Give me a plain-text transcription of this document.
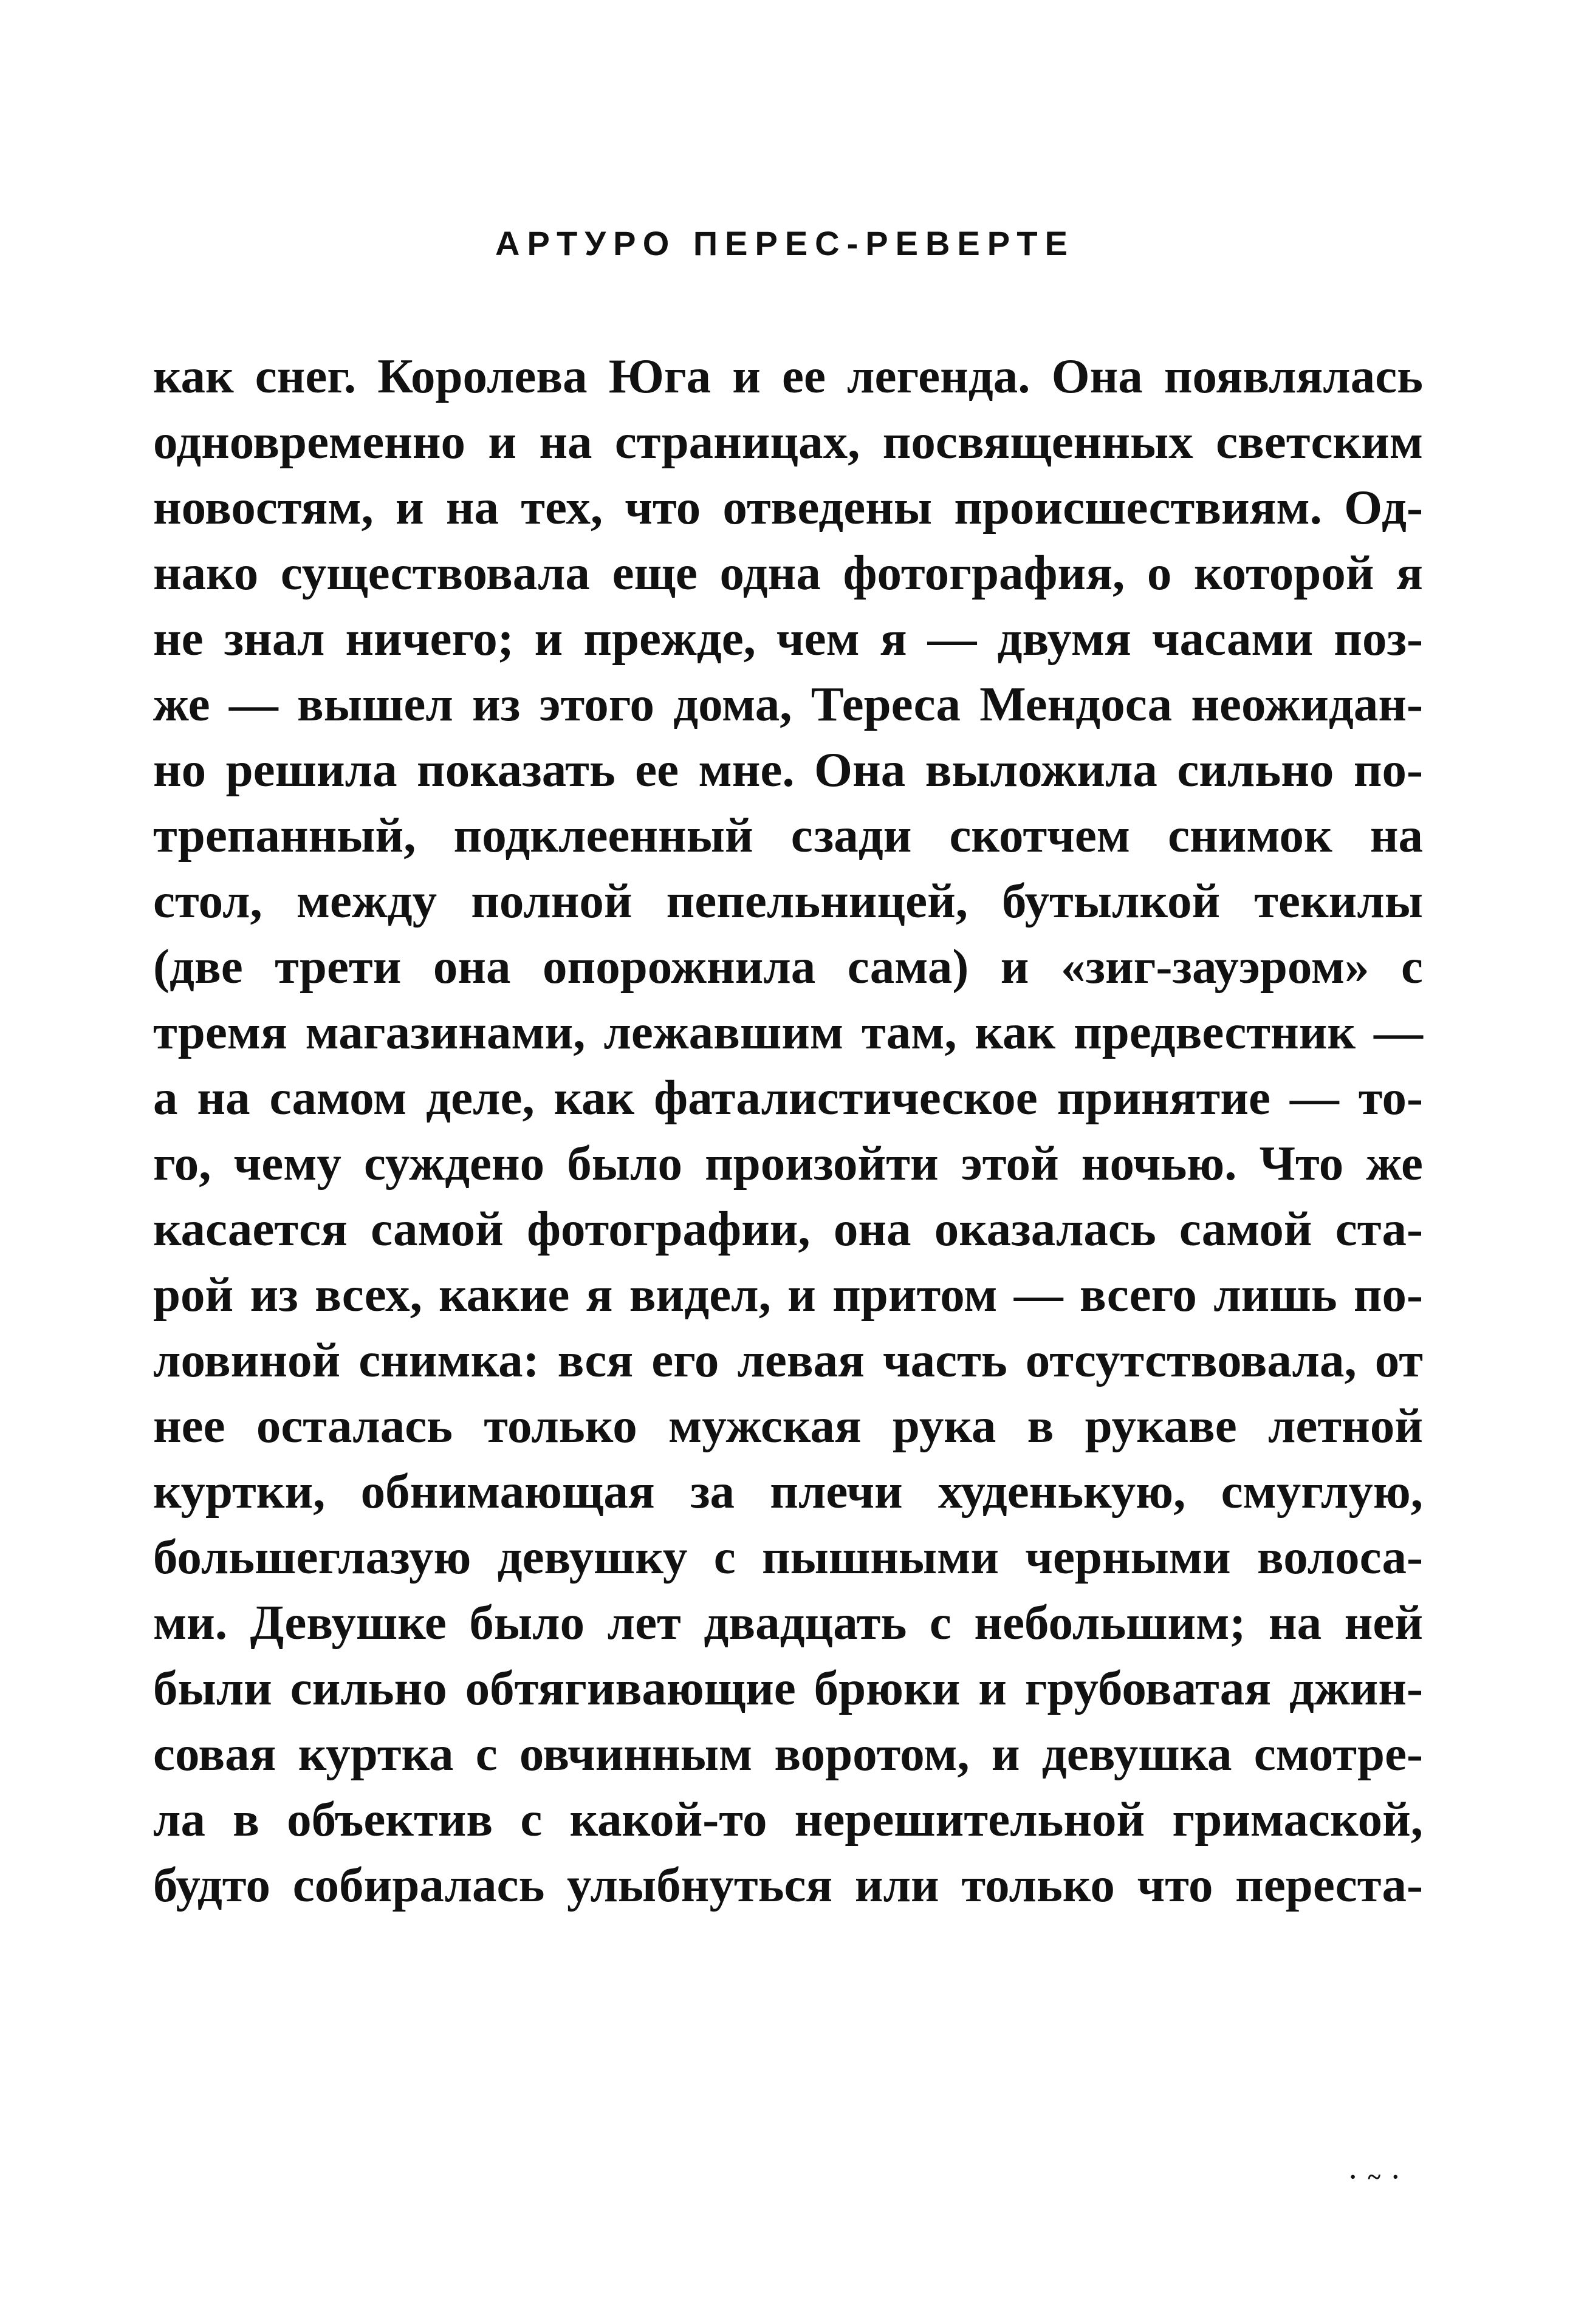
АРТУРО ПЕРЕС-РЕВЕРТЕ
как снег. Королева Юга и ее легенда. Она появлялась
одновременно и на страницах, посвященных светским
новостям, и на тех, что отведены происшествиям. Од-
нако существовала еще одна фотография, о которой я
не знал ничего; и прежде, чем я — двумя часами поз-
же — вышел из этого дома, Тереса Мендоса неожидан-
но решила показать ее мне. Она выложила сильно по-
трепанный, подклеенный сзади скотчем снимок на
стол, между полной пепельницей, бутылкой текилы
(две трети она опорожнила сама) и «зиг-зауэром» с
тремя магазинами, лежавшим там, как предвестник —
а на самом деле, как фаталистическое принятие — то-
го, чему суждено было произойти этой ночью. Что же
касается самой фотографии, она оказалась самой ста-
рой из всех, какие я видел, и притом — всего лишь по-
ловиной снимка: вся его левая часть отсутствовала, от
нее осталась только мужская рука в рукаве летной
куртки, обнимающая за плечи худенькую, смуглую,
большеглазую девушку с пышными черными волоса-
ми. Девушке было лет двадцать с небольшим; на ней
были сильно обтягивающие брюки и грубоватая джин-
совая куртка с овчинным воротом, и девушка смотре-
ла в объектив с какой-то нерешительной гримаской,
будто собиралась улыбнуться или только что переста-
· ~ ·
